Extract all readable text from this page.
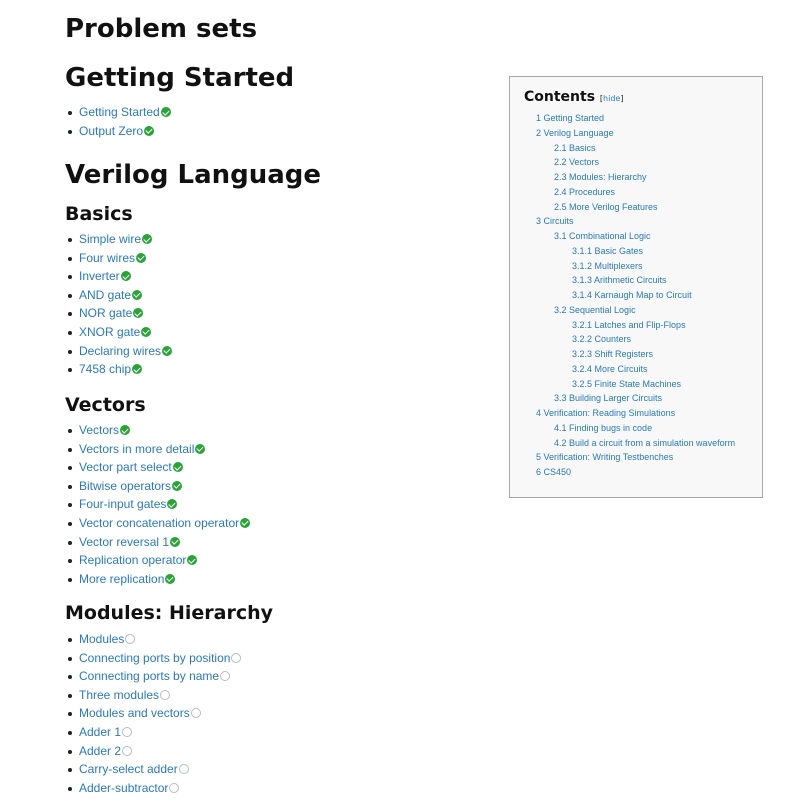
Problem sets
Getting Started
Getting Started
Output Zero
Verilog Language
Basics
Simple wire
Four wires
Inverter
AND gate
NOR gate
XNOR gate
Declaring wires
7458 chip
Vectors
Vectors
Vectors in more detail
Vector part select
Bitwise operators
Four-input gates
Vector concatenation operator
Vector reversal 1
Replication operator
More replication
Modules: Hierarchy
Modules
Connecting ports by position
Connecting ports by name
Three modules
Modules and vectors
Adder 1
Adder 2
Carry-select adder
Adder-subtractor
Contents [hide]
1 Getting Started
2 Verilog Language
2.1 Basics
2.2 Vectors
2.3 Modules: Hierarchy
2.4 Procedures
2.5 More Verilog Features
3 Circuits
3.1 Combinational Logic
3.1.1 Basic Gates
3.1.2 Multiplexers
3.1.3 Arithmetic Circuits
3.1.4 Karnaugh Map to Circuit
3.2 Sequential Logic
3.2.1 Latches and Flip-Flops
3.2.2 Counters
3.2.3 Shift Registers
3.2.4 More Circuits
3.2.5 Finite State Machines
3.3 Building Larger Circuits
4 Verification: Reading Simulations
4.1 Finding bugs in code
4.2 Build a circuit from a simulation waveform
5 Verification: Writing Testbenches
6 CS450
